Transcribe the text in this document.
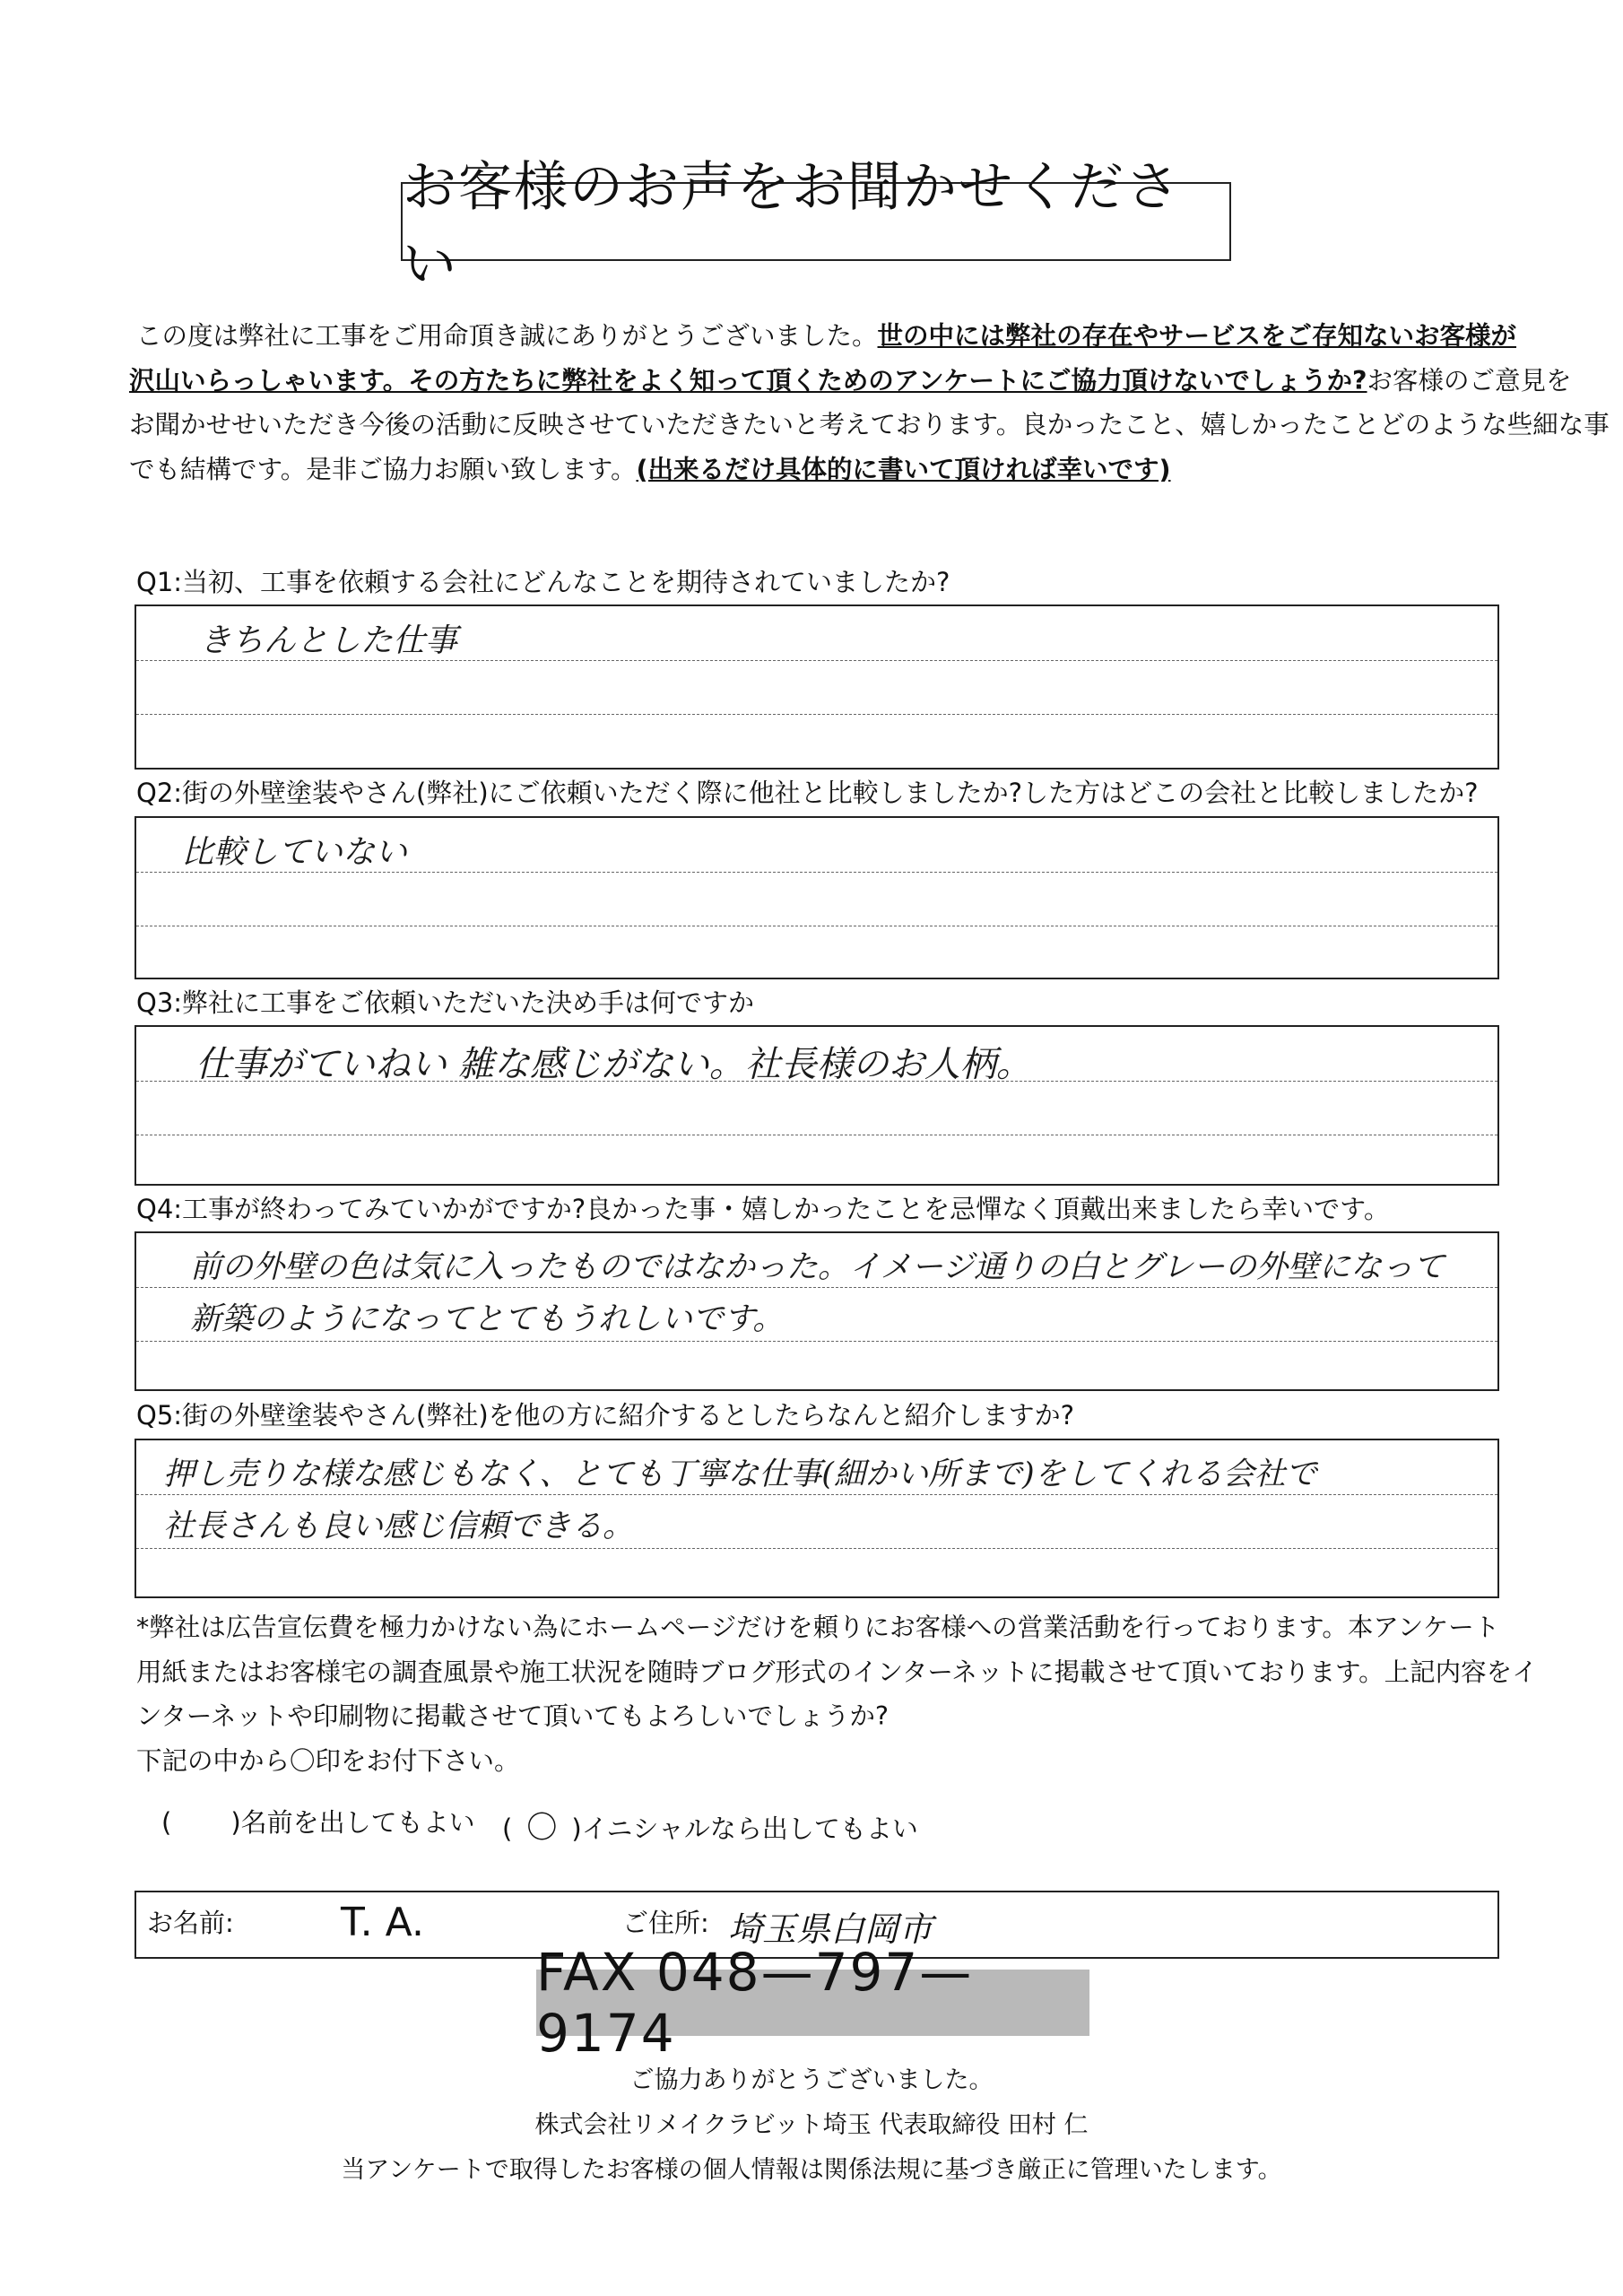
お客様のお声をお聞かせください
この度は弊社に工事をご用命頂き誠にありがとうございました。世の中には弊社の存在やサービスをご存知ないお客様が
沢山いらっしゃいます。その方たちに弊社をよく知って頂くためのアンケートにご協力頂けないでしょうか?お客様のご意見を
お聞かせせいただき今後の活動に反映させていただきたいと考えております。良かったこと、嬉しかったことどのような些細な事
でも結構です。是非ご協力お願い致します。(出来るだけ具体的に書いて頂ければ幸いです)
Q1:当初、工事を依頼する会社にどんなことを期待されていましたか?
きちんとした仕事
Q2:街の外壁塗装やさん(弊社)にご依頼いただく際に他社と比較しましたか?した方はどこの会社と比較しましたか?
比較していない
Q3:弊社に工事をご依頼いただいた決め手は何ですか
仕事がていねい 雑な感じがない。社長様のお人柄。
Q4:工事が終わってみていかがですか?良かった事・嬉しかったことを忌憚なく頂戴出来ましたら幸いです。
前の外壁の色は気に入ったものではなかった。イメージ通りの白とグレーの外壁になって
新築のようになってとてもうれしいです。
Q5:街の外壁塗装やさん(弊社)を他の方に紹介するとしたらなんと紹介しますか?
押し売りな様な感じもなく、とても丁寧な仕事(細かい所まで)をしてくれる会社で
社長さんも良い感じ信頼できる。
*弊社は広告宣伝費を極力かけない為にホームページだけを頼りにお客様への営業活動を行っております。本アンケート
用紙またはお客様宅の調査風景や施工状況を随時ブログ形式のインターネットに掲載させて頂いております。上記内容をイ
ンターネットや印刷物に掲載させて頂いてもよろしいでしょうか?
下記の中から〇印をお付下さい。
( )名前を出してもよい ( 〇 )イニシャルなら出してもよい
お名前:	T. A.	ご住所: 埼玉県白岡市
FAX 048—797—9174
ご協力ありがとうございました。
株式会社リメイクラビット埼玉 代表取締役 田村 仁
当アンケートで取得したお客様の個人情報は関係法規に基づき厳正に管理いたします。
